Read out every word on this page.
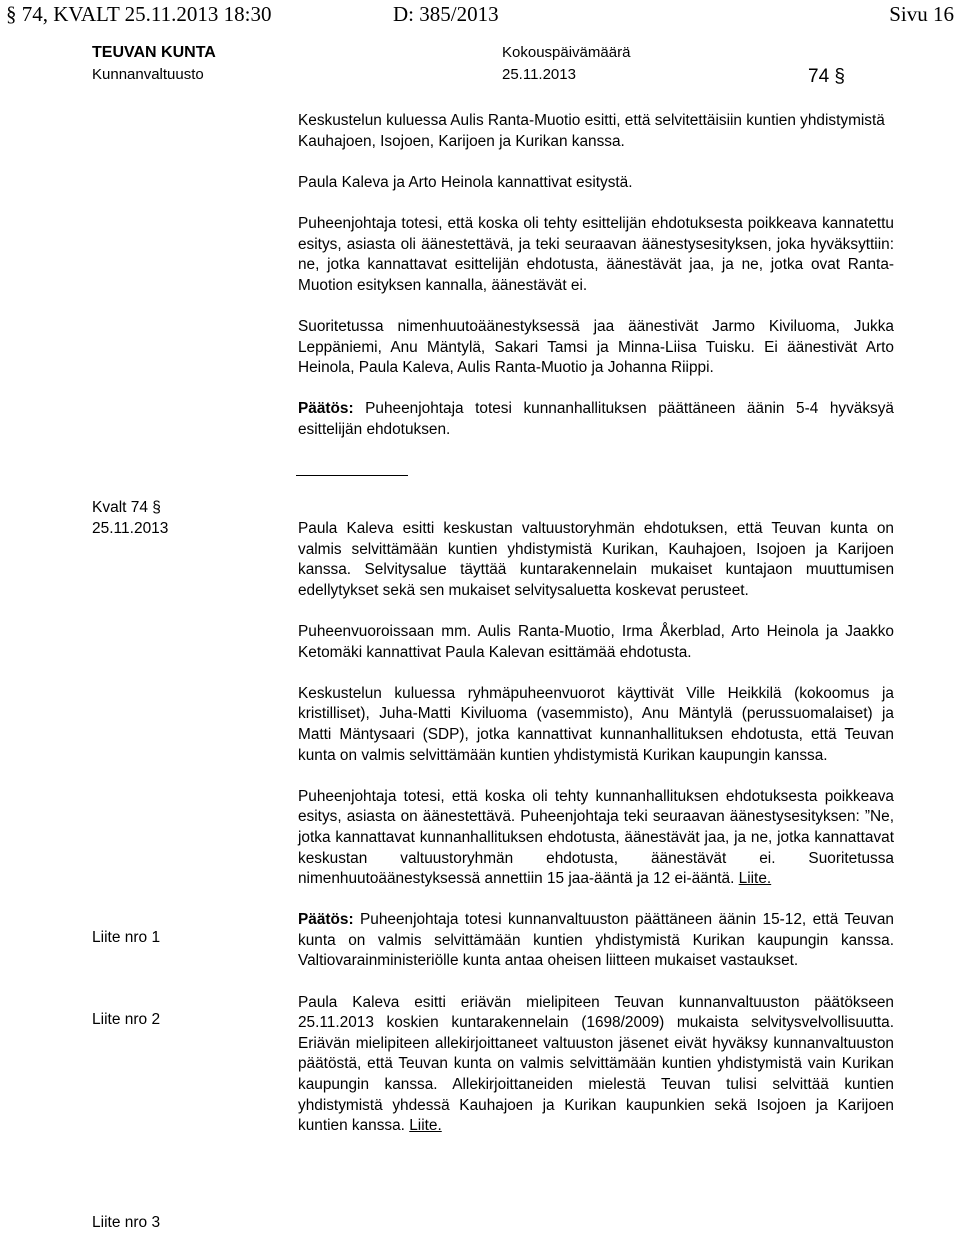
§ 74, KVALT 25.11.2013 18:30	D: 385/2013	Sivu 16
TEUVAN KUNTA
Kunnanvaltuusto
Kokouspäivämäärä
25.11.2013	74 §

Keskustelun kuluessa Aulis Ranta-Muotio esitti, että selvitettäisiin kuntien yhdistymistä Kauhajoen, Isojoen, Karijoen ja Kurikan kanssa.

Paula Kaleva ja Arto Heinola kannattivat esitystä.

Puheenjohtaja totesi, että koska oli tehty esittelijän ehdotuksesta poikkeava kannatettu esitys, asiasta oli äänestettävä, ja teki seuraavan äänestysesityksen, joka hyväksyttiin: ne, jotka kannattavat esittelijän ehdotusta, äänestävät jaa, ja ne, jotka ovat Ranta-Muotion esityksen kannalla, äänestävät ei.

Suoritetussa nimenhuutoäänestyksessä jaa äänestivät Jarmo Kiviluoma, Jukka Leppäniemi, Anu Mäntylä, Sakari Tamsi ja Minna-Liisa Tuisku. Ei äänestivät Arto Heinola, Paula Kaleva, Aulis Ranta-Muotio ja Johanna Riippi.

Päätös: Puheenjohtaja totesi kunnanhallituksen päättäneen äänin 5-4 hyväksyä esittelijän ehdotuksen.

Kvalt 74 §
25.11.2013
Liite nro 1
Liite nro 2
Liite nro 3

Paula Kaleva esitti keskustan valtuustoryhmän ehdotuksen, että Teuvan kunta on valmis selvittämään kuntien yhdistymistä Kurikan, Kauhajoen, Isojoen ja Karijoen kanssa. Selvitysalue täyttää kuntarakennelain mukaiset kuntajaon muuttumisen edellytykset sekä sen mukaiset selvitysaluetta koskevat perusteet.

Puheenvuoroissaan mm. Aulis Ranta-Muotio, Irma Åkerblad, Arto Heinola ja Jaakko Ketomäki kannattivat Paula Kalevan esittämää ehdotusta.

Keskustelun kuluessa ryhmäpuheenvuorot käyttivät Ville Heikkilä (kokoomus ja kristilliset), Juha-Matti Kiviluoma (vasemmisto), Anu Mäntylä (perussuomalaiset) ja Matti Mäntysaari (SDP), jotka kannattivat kunnanhallituksen ehdotusta, että Teuvan kunta on valmis selvittämään kuntien yhdistymistä Kurikan kaupungin kanssa.

Puheenjohtaja totesi, että koska oli tehty kunnanhallituksen ehdotuksesta poikkeava esitys, asiasta on äänestettävä. Puheenjohtaja teki seuraavan äänestysesityksen: ”Ne, jotka kannattavat kunnanhallituksen ehdotusta, äänestävät jaa, ja ne, jotka kannattavat keskustan valtuustoryhmän ehdotusta, äänestävät ei. Suoritetussa nimenhuutoäänestyksessä annettiin 15 jaa-ääntä ja 12 ei-ääntä. Liite.

Päätös: Puheenjohtaja totesi kunnanvaltuuston päättäneen äänin 15-12, että Teuvan kunta on valmis selvittämään kuntien yhdistymistä Kurikan kaupungin kanssa. Valtiovarainministeriölle kunta antaa oheisen liitteen mukaiset vastaukset.

Paula Kaleva esitti eriävän mielipiteen Teuvan kunnanvaltuuston päätökseen 25.11.2013 koskien kuntarakennelain (1698/2009) mukaista selvitysvelvollisuutta. Eriävän mielipiteen allekirjoittaneet valtuuston jäsenet eivät hyväksy kunnanvaltuuston päätöstä, että Teuvan kunta on valmis selvittämään kuntien yhdistymistä vain Kurikan kaupungin kanssa. Allekirjoittaneiden mielestä Teuvan tulisi selvittää kuntien yhdistymistä yhdessä Kauhajoen ja Kurikan kaupunkien sekä Isojoen ja Karijoen kuntien kanssa. Liite.
